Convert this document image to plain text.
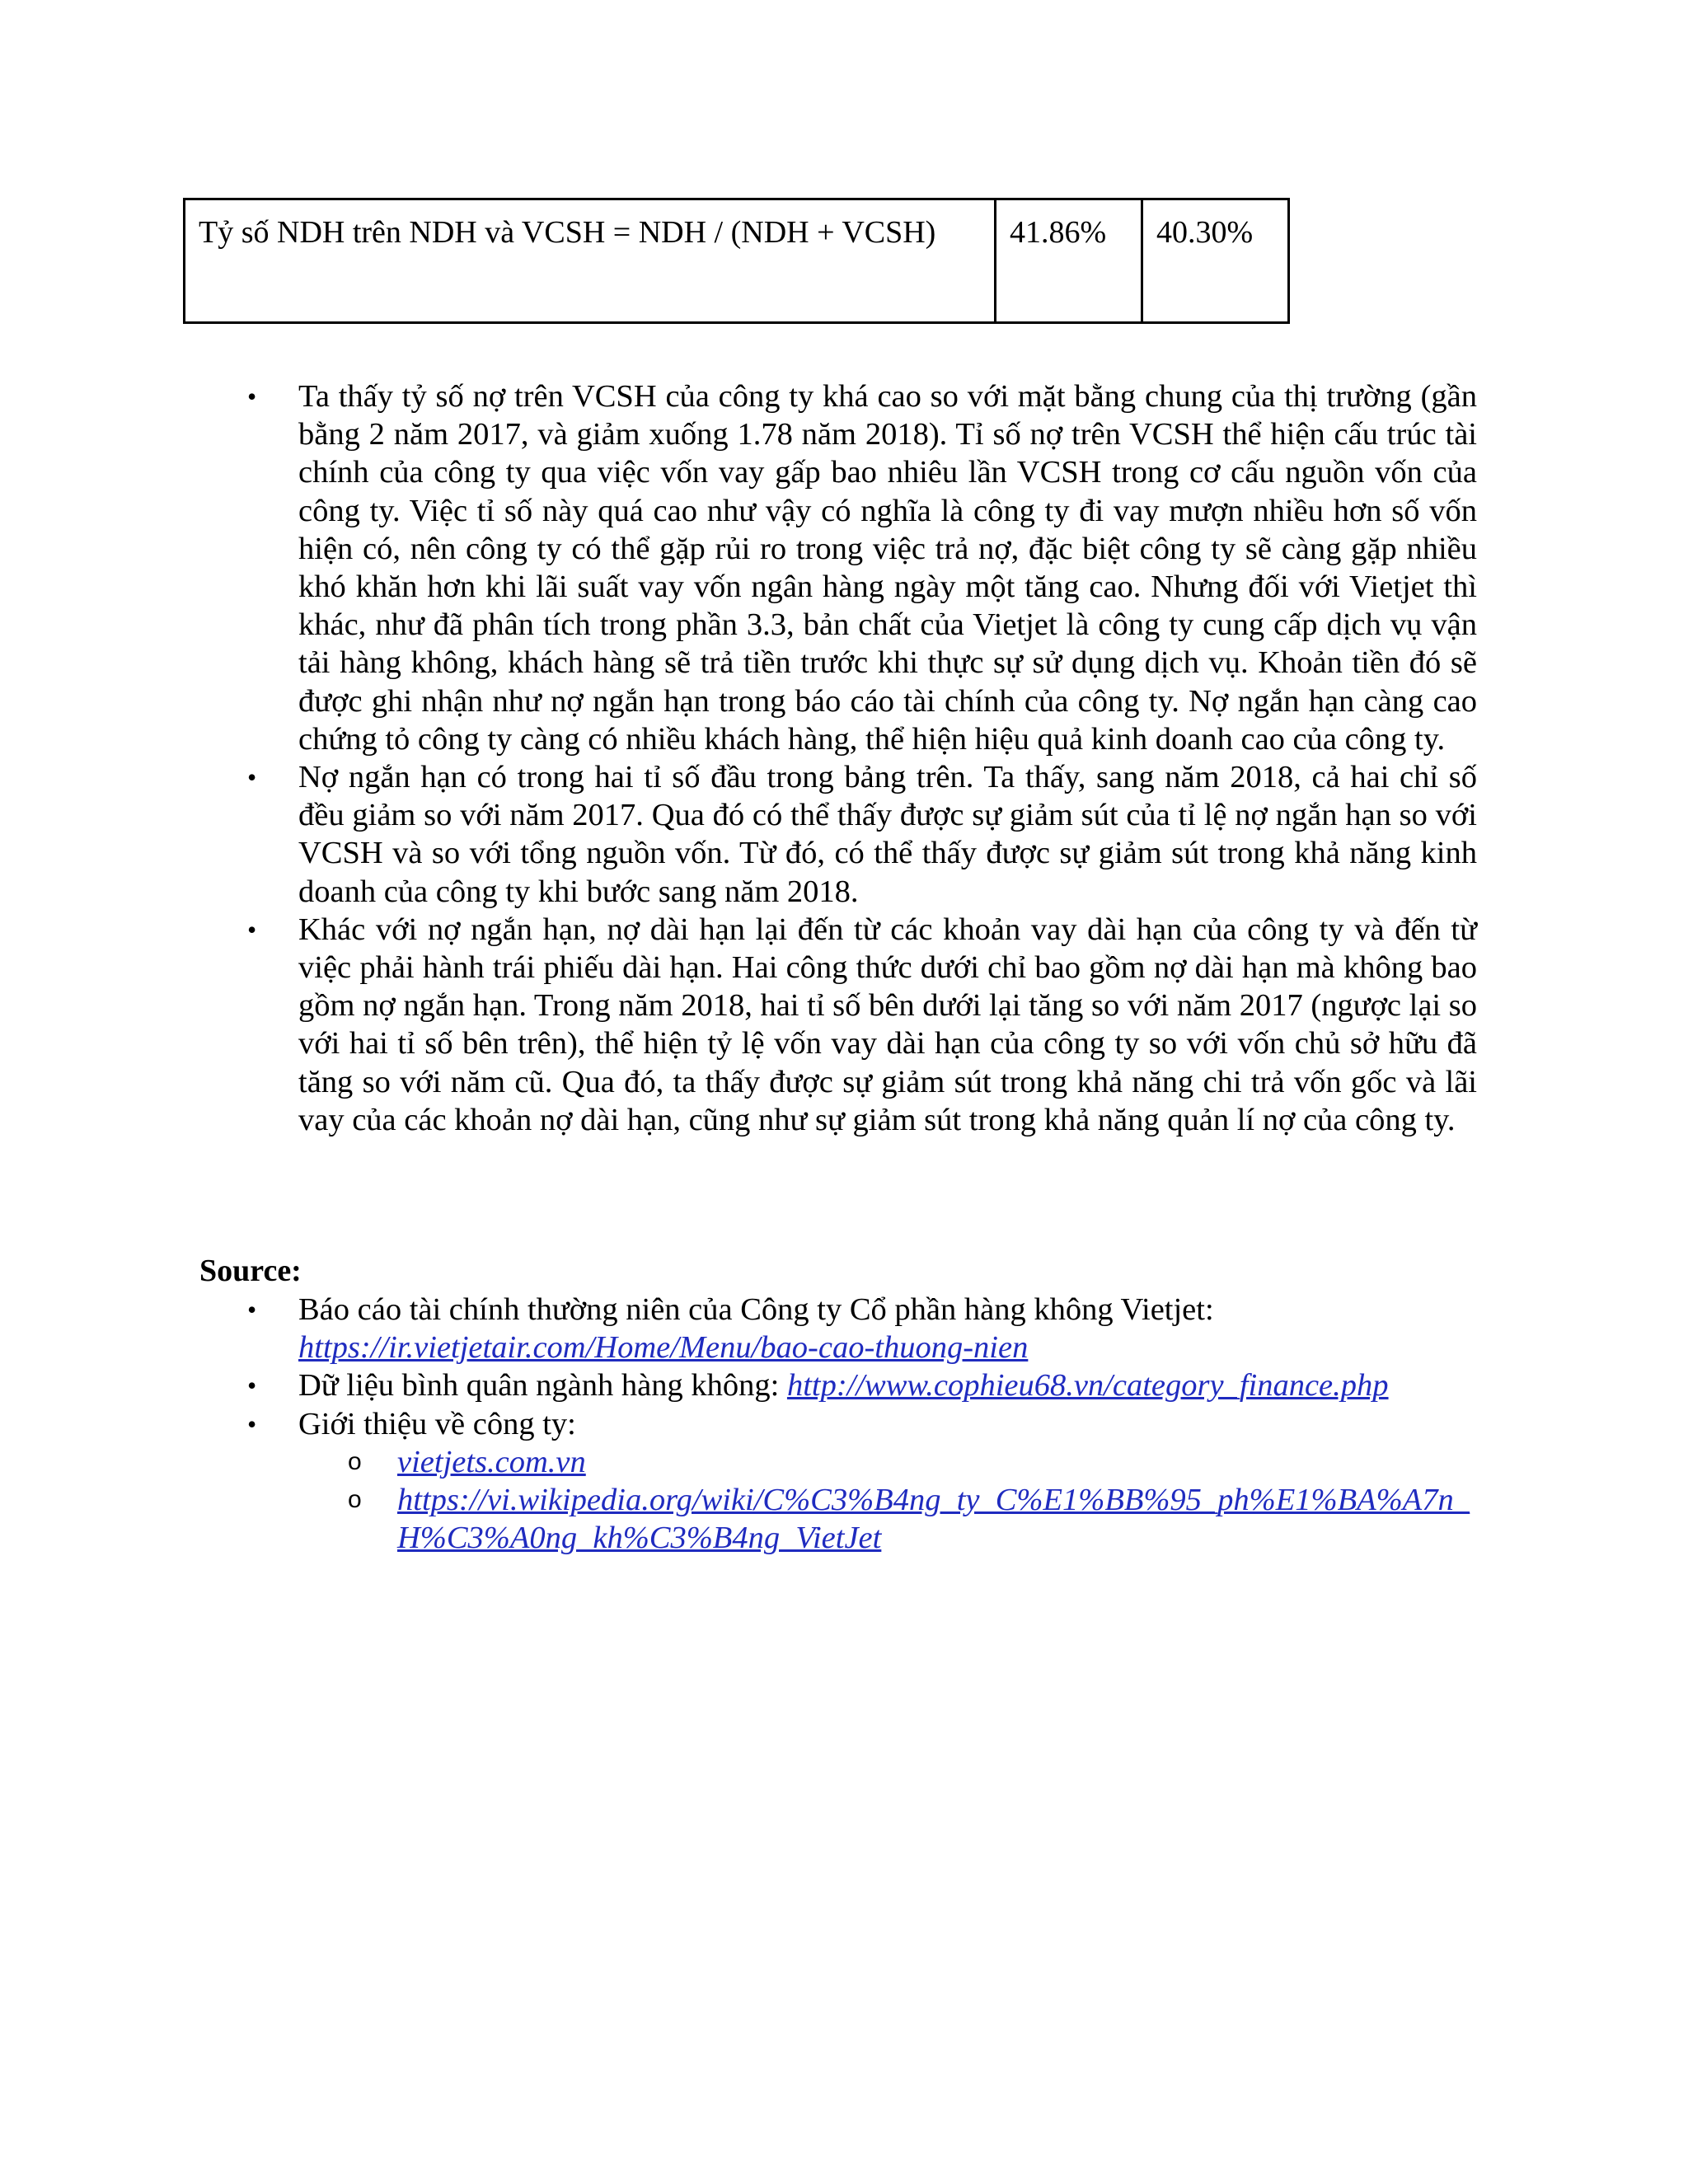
Tỷ số NDH trên NDH và VCSH = NDH / (NDH + VCSH)	41.86%	40.30%
• Ta thấy tỷ số nợ trên VCSH của công ty khá cao so với mặt bằng chung của thị trường (gần bằng 2 năm 2017, và giảm xuống 1.78 năm 2018). Tỉ số nợ trên VCSH thể hiện cấu trúc tài chính của công ty qua việc vốn vay gấp bao nhiêu lần VCSH trong cơ cấu nguồn vốn của công ty. Việc tỉ số này quá cao như vậy có nghĩa là công ty đi vay mượn nhiều hơn số vốn hiện có, nên công ty có thể gặp rủi ro trong việc trả nợ, đặc biệt công ty sẽ càng gặp nhiều khó khăn hơn khi lãi suất vay vốn ngân hàng ngày một tăng cao. Nhưng đối với Vietjet thì khác, như đã phân tích trong phần 3.3, bản chất của Vietjet là công ty cung cấp dịch vụ vận tải hàng không, khách hàng sẽ trả tiền trước khi thực sự sử dụng dịch vụ. Khoản tiền đó sẽ được ghi nhận như nợ ngắn hạn trong báo cáo tài chính của công ty. Nợ ngắn hạn càng cao chứng tỏ công ty càng có nhiều khách hàng, thể hiện hiệu quả kinh doanh cao của công ty.
• Nợ ngắn hạn có trong hai tỉ số đầu trong bảng trên. Ta thấy, sang năm 2018, cả hai chỉ số đều giảm so với năm 2017. Qua đó có thể thấy được sự giảm sút của tỉ lệ nợ ngắn hạn so với VCSH và so với tổng nguồn vốn. Từ đó, có thể thấy được sự giảm sút trong khả năng kinh doanh của công ty khi bước sang năm 2018.
• Khác với nợ ngắn hạn, nợ dài hạn lại đến từ các khoản vay dài hạn của công ty và đến từ việc phải hành trái phiếu dài hạn. Hai công thức dưới chỉ bao gồm nợ dài hạn mà không bao gồm nợ ngắn hạn. Trong năm 2018, hai tỉ số bên dưới lại tăng so với năm 2017 (ngược lại so với hai tỉ số bên trên), thể hiện tỷ lệ vốn vay dài hạn của công ty so với vốn chủ sở hữu đã tăng so với năm cũ. Qua đó, ta thấy được sự giảm sút trong khả năng chi trả vốn gốc và lãi vay của các khoản nợ dài hạn, cũng như sự giảm sút trong khả năng quản lí nợ của công ty.

Source:

• Báo cáo tài chính thường niên của Công ty Cổ phần hàng không Vietjet:
https://ir.vietjetair.com/Home/Menu/bao-cao-thuong-nien
• Dữ liệu bình quân ngành hàng không: http://www.cophieu68.vn/category_finance.php
• Giới thiệu về công ty:
o vietjets.com.vn
o https://vi.wikipedia.org/wiki/C%C3%B4ng_ty_C%E1%BB%95_ph%E1%BA%A7n_H%C3%A0ng_kh%C3%B4ng_VietJet
